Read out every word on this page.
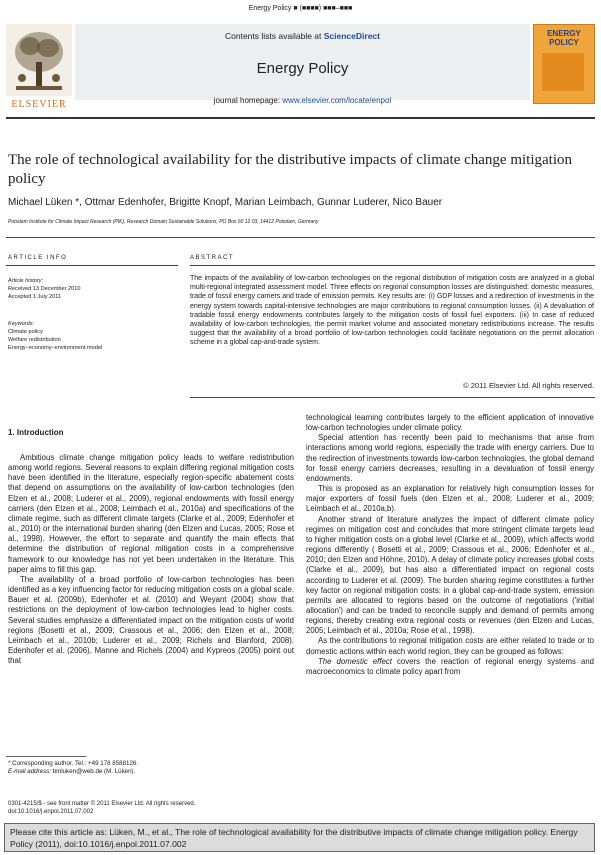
Energy Policy ■ (■■■■) ■■■–■■■
ELSEVIER
Contents lists available at ScienceDirect
Energy Policy
journal homepage: www.elsevier.com/locate/enpol
ENERGY
POLICY
The role of technological availability for the distributive impacts of climate change mitigation policy
Michael Lüken *, Ottmar Edenhofer, Brigitte Knopf, Marian Leimbach, Gunnar Luderer, Nico Bauer
Potsdam Institute for Climate Impact Research (PIK), Research Domain Sustainable Solutions, PO Box 60 12 03, 14412 Potsdam, Germany
ARTICLE INFO
Article history:
Received 13 December 2010
Accepted 1 July 2011
Keywords:
Climate policy
Welfare redistribution
Energy–economy–environment model
ABSTRACT
The impacts of the availability of low-carbon technologies on the regional distribution of mitigation costs are analyzed in a global multi-regional integrated assessment model. Three effects on regional consumption losses are distinguished: domestic measures, trade of fossil energy carriers and trade of emission permits. Key results are: (i) GDP losses and a redirection of investments in the energy system towards capital-intensive technologies are major contributions to regional consumption losses. (ii) A devaluation of tradable fossil energy endowments contributes largely to the mitigation costs of fossil fuel exporters. (iii) In case of reduced availability of low-carbon technologies, the permit market volume and associated monetary redistributions increase. The results suggest that the availability of a broad portfolio of low-carbon technologies could facilitate negotiations on the permit allocation scheme in a global cap-and-trade system.
© 2011 Elsevier Ltd. All rights reserved.
1. Introduction

Ambitious climate change mitigation policy leads to welfare redistribution among world regions. Several reasons to explain differing regional mitigation costs have been identified in the literature, especially region-specific abatement costs that depend on assumptions on the availability of low-carbon technologies (den Elzen et al., 2008; Luderer et al., 2009), regional endowments with fossil energy carriers (den Elzen et al., 2008; Leimbach et al., 2010a) and specifications of the climate regime, such as different climate targets (Clarke et al., 2009; Edenhofer et al., 2010) or the international burden sharing (den Elzen and Lucas, 2005; Rose et al., 1998). However, the effort to separate and quantify the main effects that determine the distribution of regional mitigation costs in a comprehensive framework to our knowledge has not yet been undertaken in the literature. This paper aims to fill this gap.

The availability of a broad portfolio of low-carbon technologies has been identified as a key influencing factor for reducing mitigation costs on a global scale. Bauer et al. (2009b), Edenhofer et al. (2010) and Weyant (2004) show that restrictions on the deployment of low-carbon technologies lead to higher costs. Several studies emphasize a differentiated impact on the mitigation costs of world regions (Bosetti et al., 2009; Crassous et al., 2006; den Elzen et al., 2008; Leimbach et al., 2010b; Luderer et al., 2009; Richels and Blanford, 2008). Edenhofer et al. (2006), Manne and Richels (2004) and Kypreos (2005) point out that

technological learning contributes largely to the efficient application of innovative low-carbon technologies under climate policy.

Special attention has recently been paid to mechanisms that arise from interactions among world regions, especially the trade with energy carriers. Due to the redirection of investments towards low-carbon technologies, the global demand for fossil energy carriers decreases, resulting in a devaluation of fossil energy endowments.

This is proposed as an explanation for relatively high consumption losses for major exporters of fossil fuels (den Elzen et al., 2008; Luderer et al., 2009; Leimbach et al., 2010a,b).

Another strand of literature analyzes the impact of different climate policy regimes on mitigation cost and concludes that more stringent climate targets lead to higher mitigation costs on a global level (Clarke et al., 2009), which affects world regions differently ( Bosetti et al., 2009; Crassous et al., 2006; Edenhofer et al., 2010; den Elzen and Höhne, 2010). A delay of climate policy increases global costs (Clarke et al., 2009), but has also a differentiated impact on regional costs according to Luderer et al. (2009). The burden sharing regime constitutes a further key factor on regional mitigation costs: in a global cap-and-trade system, emission permits are allocated to regions based on the outcome of negotiations ('initial allocation') and can be traded to reconcile supply and demand of permits among regions, thereby creating extra regional costs or revenues (den Elzen and Lucas, 2005; Leimbach et al., 2010a; Rose et al., 1998).

As the contributions to regional mitigation costs are either related to trade or to domestic actions within each world region, they can be grouped as follows:

The domestic effect covers the reaction of regional energy systems and macroeconomics to climate policy apart from

* Corresponding author. Tel.: +49 178 8588126.
E-mail address: bmluken@web.de (M. Lüken).
0301-4215/$ - see front matter © 2011 Elsevier Ltd. All rights reserved.
doi:10.1016/j.enpol.2011.07.002
Please cite this article as: Lüken, M., et al., The role of technological availability for the distributive impacts of climate change mitigation policy. Energy Policy (2011), doi:10.1016/j.enpol.2011.07.002
